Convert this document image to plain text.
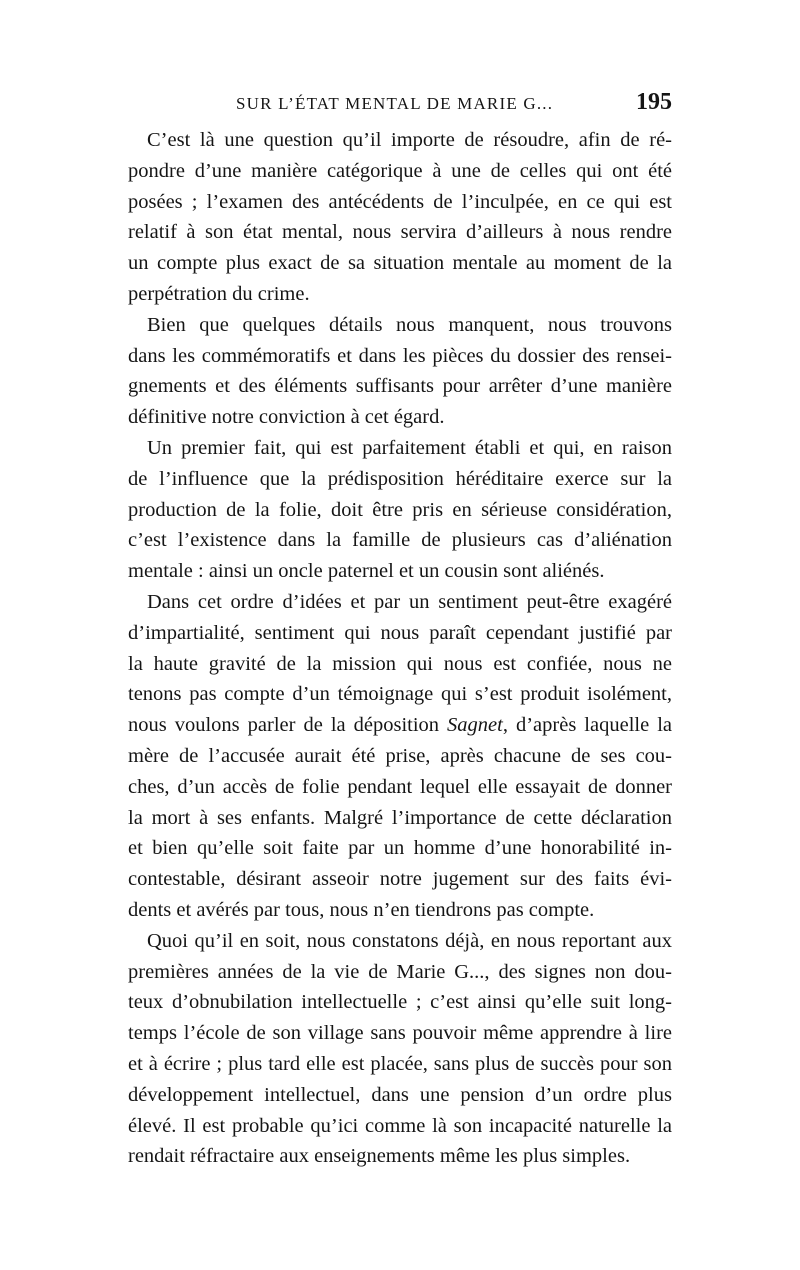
SUR L’ÉTAT MENTAL DE MARIE G...	195
C’est là une question qu’il importe de résoudre, afin de ré-
pondre d’une manière catégorique à une de celles qui ont été
posées ; l’examen des antécédents de l’inculpée, en ce qui est
relatif à son état mental, nous servira d’ailleurs à nous rendre
un compte plus exact de sa situation mentale au moment de la
perpétration du crime.
Bien que quelques détails nous manquent, nous trouvons
dans les commémoratifs et dans les pièces du dossier des rensei-
gnements et des éléments suffisants pour arrêter d’une manière
définitive notre conviction à cet égard.
Un premier fait, qui est parfaitement établi et qui, en raison
de l’influence que la prédisposition héréditaire exerce sur la
production de la folie, doit être pris en sérieuse considération,
c’est l’existence dans la famille de plusieurs cas d’aliénation
mentale : ainsi un oncle paternel et un cousin sont aliénés.
Dans cet ordre d’idées et par un sentiment peut-être exagéré
d’impartialité, sentiment qui nous paraît cependant justifié par
la haute gravité de la mission qui nous est confiée, nous ne
tenons pas compte d’un témoignage qui s’est produit isolément,
nous voulons parler de la déposition Sagnet, d’après laquelle la
mère de l’accusée aurait été prise, après chacune de ses cou-
ches, d’un accès de folie pendant lequel elle essayait de donner
la mort à ses enfants. Malgré l’importance de cette déclaration
et bien qu’elle soit faite par un homme d’une honorabilité in-
contestable, désirant asseoir notre jugement sur des faits évi-
dents et avérés par tous, nous n’en tiendrons pas compte.
Quoi qu’il en soit, nous constatons déjà, en nous reportant aux
premières années de la vie de Marie G..., des signes non dou-
teux d’obnubilation intellectuelle ; c’est ainsi qu’elle suit long-
temps l’école de son village sans pouvoir même apprendre à lire
et à écrire ; plus tard elle est placée, sans plus de succès pour son
développement intellectuel, dans une pension d’un ordre plus
élevé. Il est probable qu’ici comme là son incapacité naturelle la
rendait réfractaire aux enseignements même les plus simples.
